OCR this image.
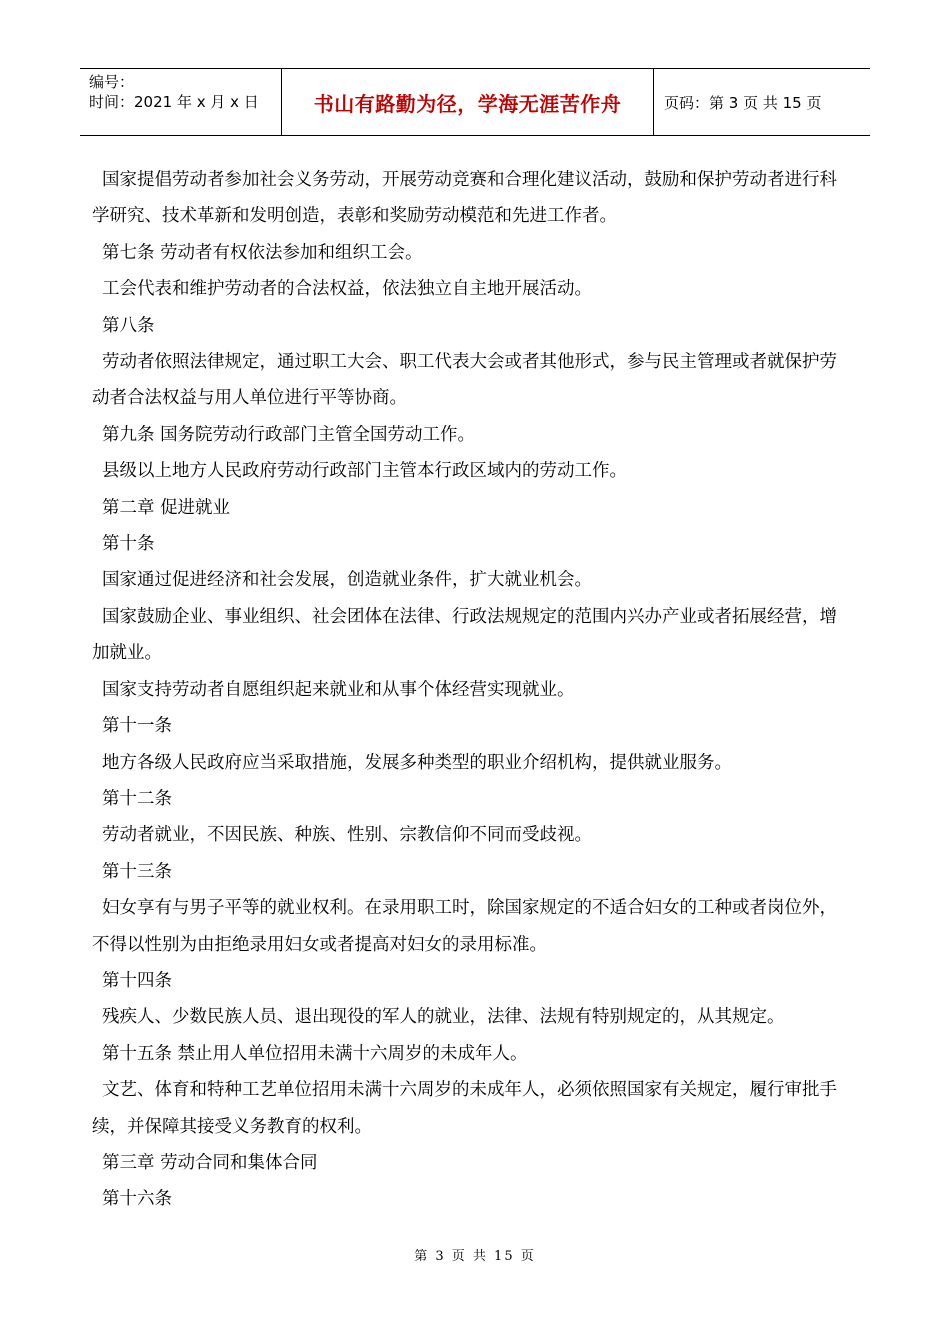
编号：
时间：2021 年 x 月 x 日	书山有路勤为径，学海无涯苦作舟	页码：第 3 页 共 15 页

国家提倡劳动者参加社会义务劳动，开展劳动竞赛和合理化建议活动，鼓励和保护劳动者进行科学研究、技术革新和发明创造，表彰和奖励劳动模范和先进工作者。

第七条 劳动者有权依法参加和组织工会。

工会代表和维护劳动者的合法权益，依法独立自主地开展活动。

第八条

劳动者依照法律规定，通过职工大会、职工代表大会或者其他形式，参与民主管理或者就保护劳动者合法权益与用人单位进行平等协商。

第九条 国务院劳动行政部门主管全国劳动工作。

县级以上地方人民政府劳动行政部门主管本行政区域内的劳动工作。

第二章 促进就业

第十条

国家通过促进经济和社会发展，创造就业条件，扩大就业机会。

国家鼓励企业、事业组织、社会团体在法律、行政法规规定的范围内兴办产业或者拓展经营，增加就业。

国家支持劳动者自愿组织起来就业和从事个体经营实现就业。

第十一条

地方各级人民政府应当采取措施，发展多种类型的职业介绍机构，提供就业服务。

第十二条

劳动者就业，不因民族、种族、性别、宗教信仰不同而受歧视。

第十三条

妇女享有与男子平等的就业权利。在录用职工时，除国家规定的不适合妇女的工种或者岗位外，不得以性别为由拒绝录用妇女或者提高对妇女的录用标准。

第十四条

残疾人、少数民族人员、退出现役的军人的就业，法律、法规有特别规定的，从其规定。

第十五条 禁止用人单位招用未满十六周岁的未成年人。

文艺、体育和特种工艺单位招用未满十六周岁的未成年人，必须依照国家有关规定，履行审批手续，并保障其接受义务教育的权利。

第三章 劳动合同和集体合同

第十六条

第 3 页 共 15 页
